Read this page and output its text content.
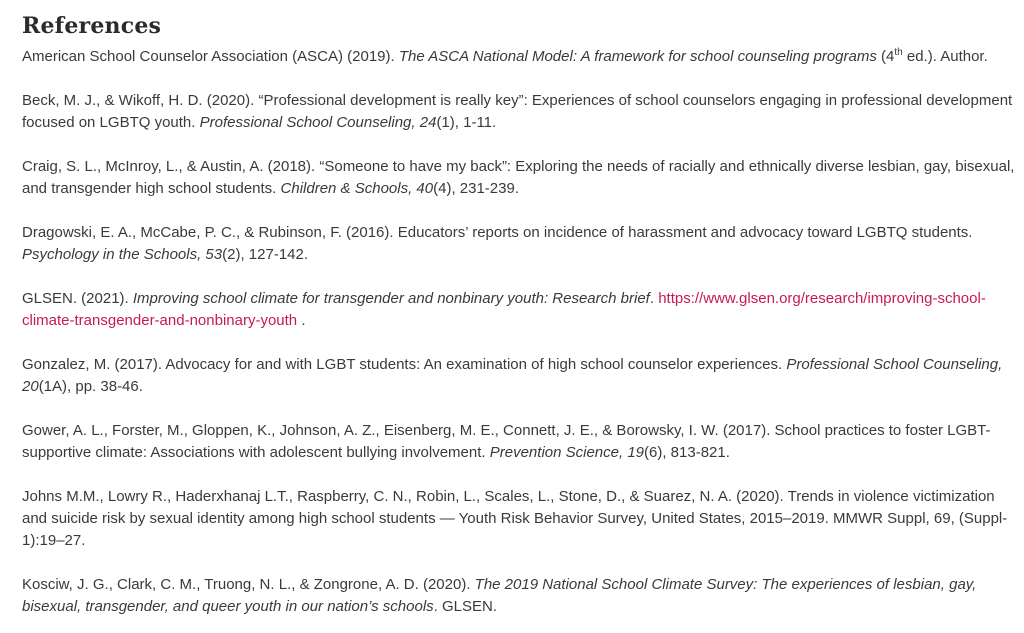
References

American School Counselor Association (ASCA) (2019). The ASCA National Model: A framework for school counseling programs (4th ed.). Author.

Beck, M. J., & Wikoff, H. D. (2020). “Professional development is really key”: Experiences of school counselors engaging in professional development focused on LGBTQ youth. Professional School Counseling, 24(1), 1-11.

Craig, S. L., McInroy, L., & Austin, A. (2018). “Someone to have my back”: Exploring the needs of racially and ethnically diverse lesbian, gay, bisexual, and transgender high school students. Children & Schools, 40(4), 231-239.

Dragowski, E. A., McCabe, P. C., & Rubinson, F. (2016). Educators’ reports on incidence of harassment and advocacy toward LGBTQ students. Psychology in the Schools, 53(2), 127-142.

GLSEN. (2021). Improving school climate for transgender and nonbinary youth: Research brief. https://www.glsen.org/research/improving-school-climate-transgender-and-nonbinary-youth .

Gonzalez, M. (2017). Advocacy for and with LGBT students: An examination of high school counselor experiences. Professional School Counseling, 20(1A), pp. 38-46.

Gower, A. L., Forster, M., Gloppen, K., Johnson, A. Z., Eisenberg, M. E., Connett, J. E., & Borowsky, I. W. (2017). School practices to foster LGBT-supportive climate: Associations with adolescent bullying involvement. Prevention Science, 19(6), 813-821.

Johns M.M., Lowry R., Haderxhanaj L.T., Raspberry, C. N., Robin, L., Scales, L., Stone, D., & Suarez, N. A. (2020). Trends in violence victimization and suicide risk by sexual identity among high school students — Youth Risk Behavior Survey, United States, 2015–2019. MMWR Suppl, 69, (Suppl-1):19–27.

Kosciw, J. G., Clark, C. M., Truong, N. L., & Zongrone, A. D. (2020). The 2019 National School Climate Survey: The experiences of lesbian, gay, bisexual, transgender, and queer youth in our nation’s schools. GLSEN.
